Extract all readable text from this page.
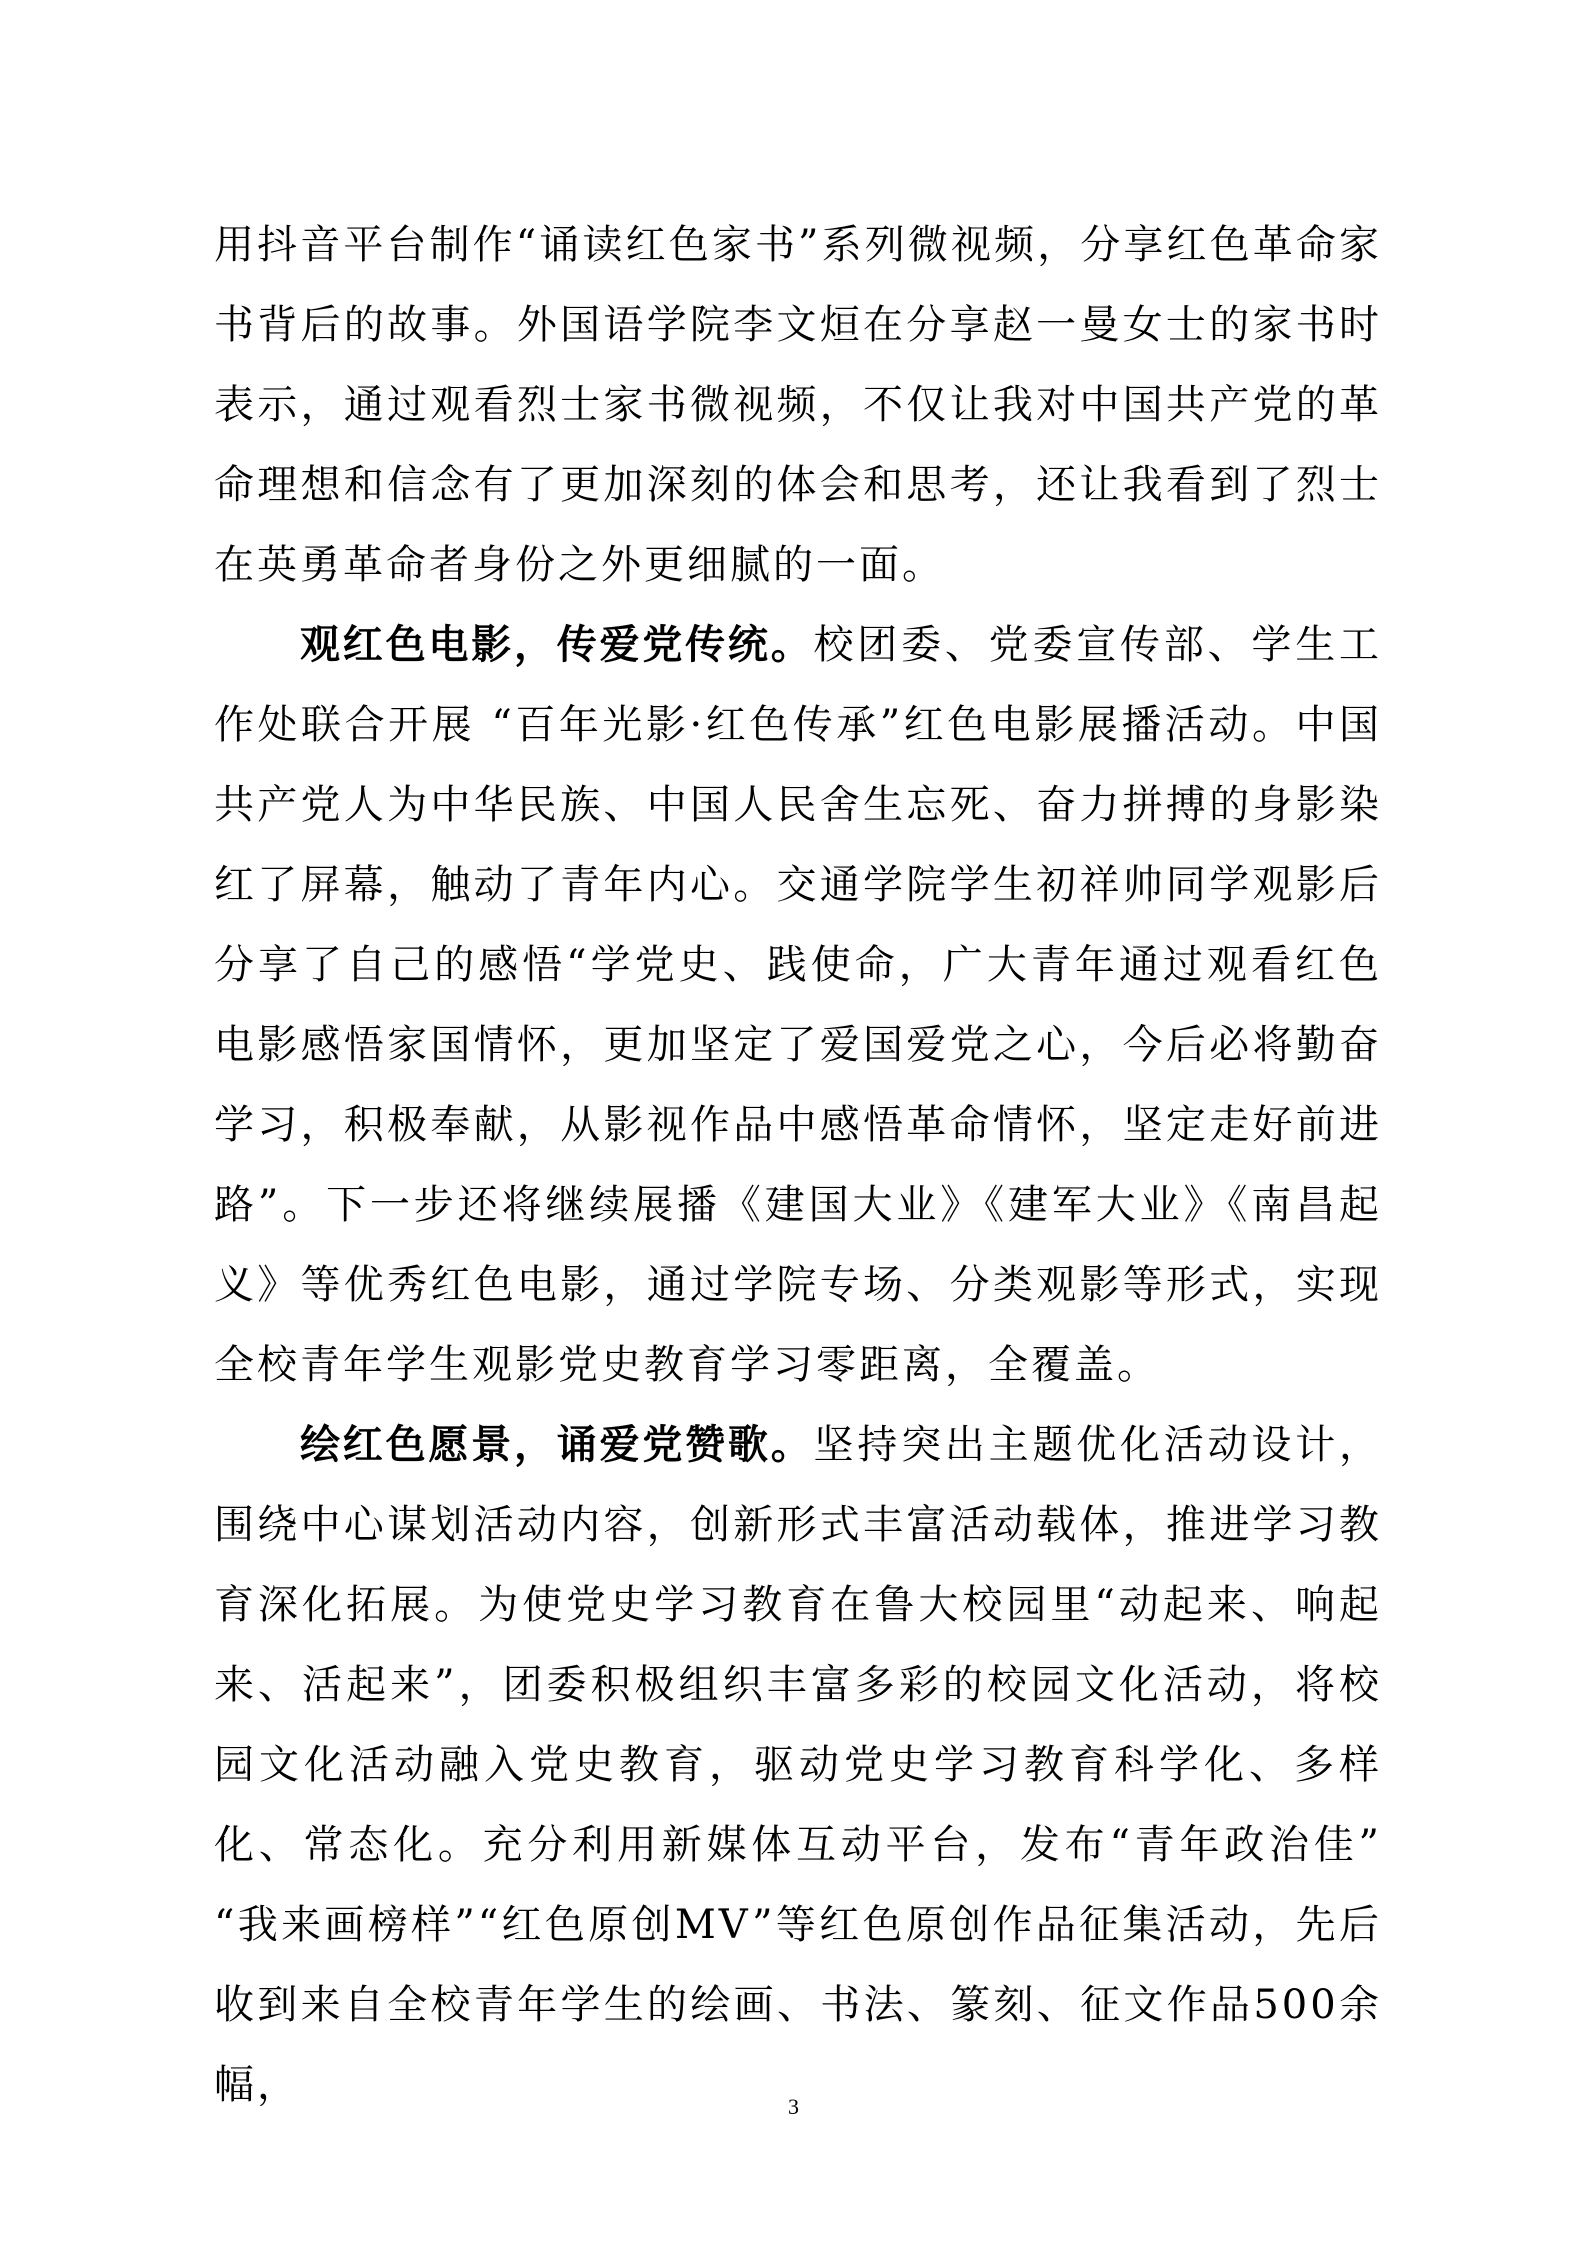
用抖音平台制作“诵读红色家书”系列微视频，分享红色革命家书背后的故事。外国语学院李文烜在分享赵一曼女士的家书时表示，通过观看烈士家书微视频，不仅让我对中国共产党的革命理想和信念有了更加深刻的体会和思考，还让我看到了烈士在英勇革命者身份之外更细腻的一面。

观红色电影，传爱党传统。校团委、党委宣传部、学生工作处联合开展 “百年光影·红色传承”红色电影展播活动。中国共产党人为中华民族、中国人民舍生忘死、奋力拼搏的身影染红了屏幕，触动了青年内心。交通学院学生初祥帅同学观影后分享了自己的感悟“学党史、践使命，广大青年通过观看红色电影感悟家国情怀，更加坚定了爱国爱党之心，今后必将勤奋学习，积极奉献，从影视作品中感悟革命情怀，坚定走好前进路”。下一步还将继续展播《建国大业》《建军大业》《南昌起义》等优秀红色电影，通过学院专场、分类观影等形式，实现全校青年学生观影党史教育学习零距离，全覆盖。

绘红色愿景，诵爱党赞歌。坚持突出主题优化活动设计，围绕中心谋划活动内容，创新形式丰富活动载体，推进学习教育深化拓展。为使党史学习教育在鲁大校园里“动起来、响起来、活起来”，团委积极组织丰富多彩的校园文化活动，将校园文化活动融入党史教育，驱动党史学习教育科学化、多样化、常态化。充分利用新媒体互动平台，发布“青年政治佳” “我来画榜样”“红色原创MV”等红色原创作品征集活动，先后收到来自全校青年学生的绘画、书法、篆刻、征文作品500余幅，	3
